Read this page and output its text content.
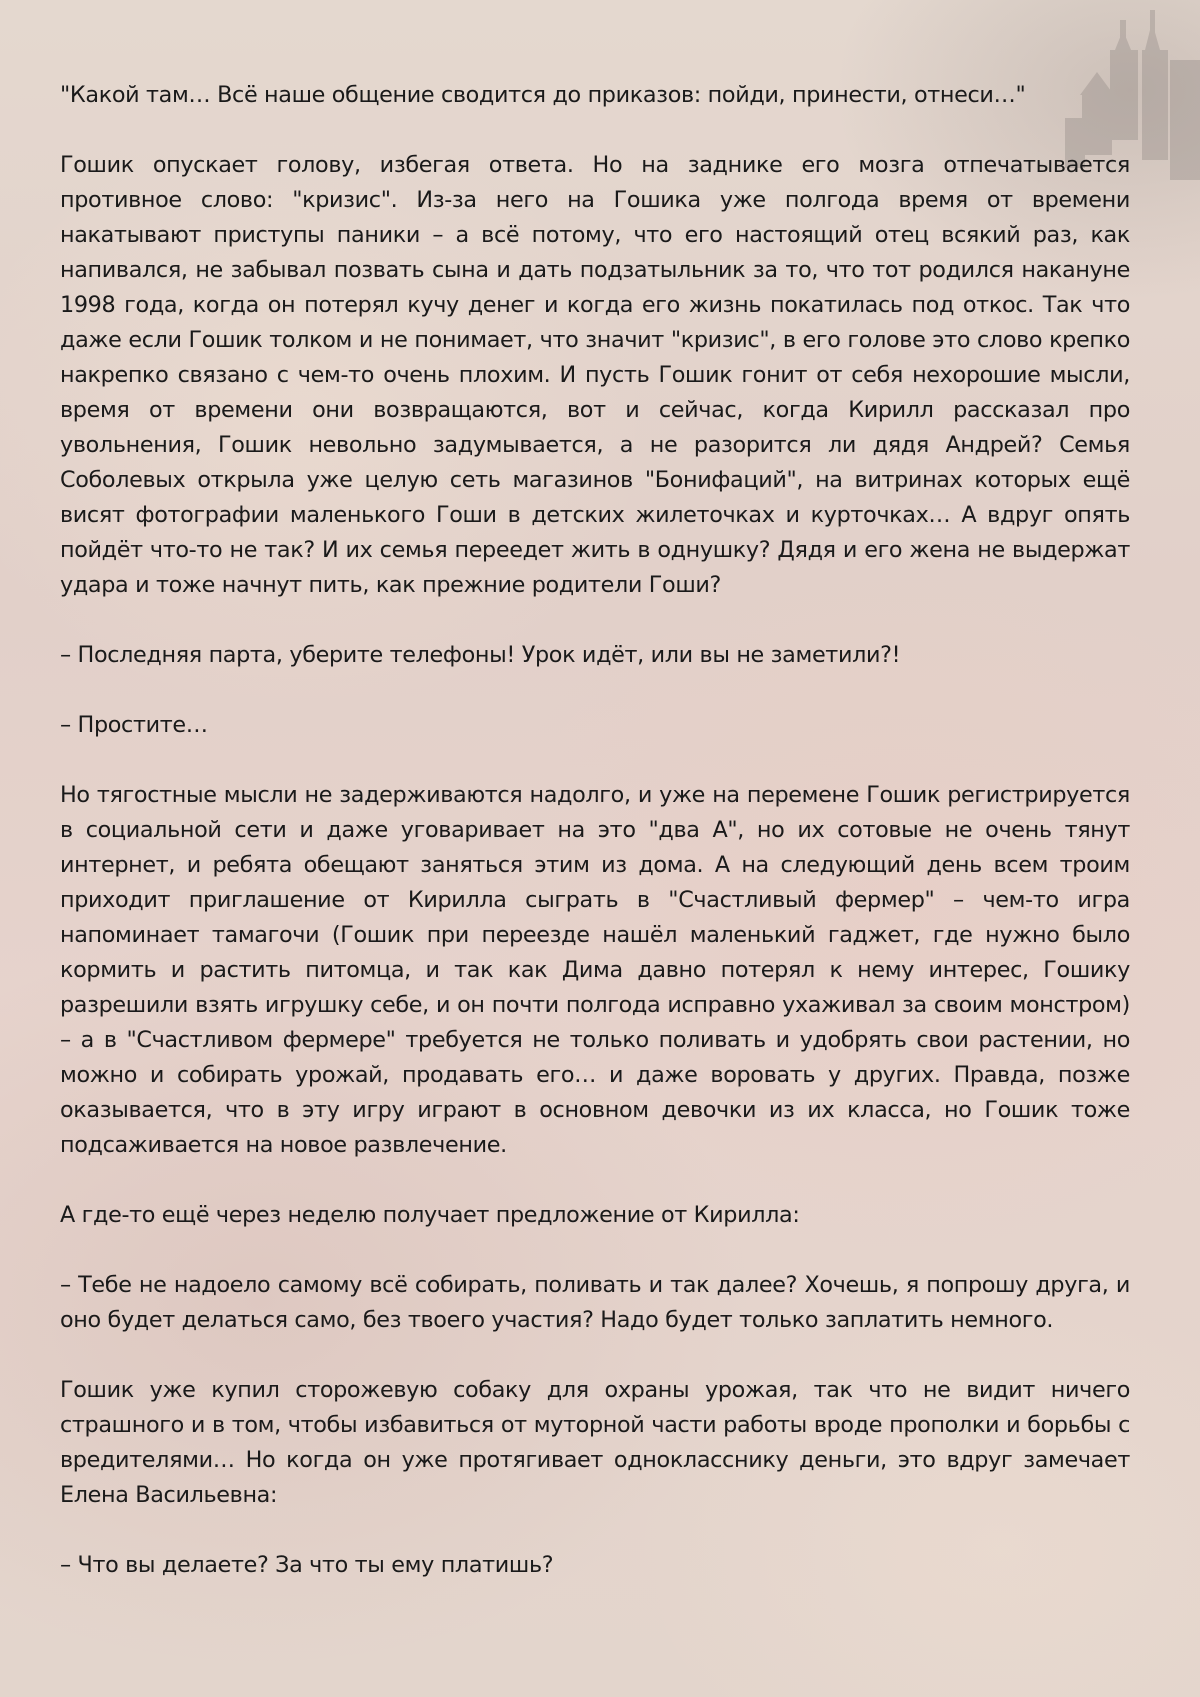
"Какой там… Всё наше общение сводится до приказов: пойди, принести, отнеси…"

Гошик опускает голову, избегая ответа. Но на заднике его мозга отпечатывается противное слово: "кризис". Из-за него на Гошика уже полгода время от времени накатывают приступы паники – а всё потому, что его настоящий отец всякий раз, как напивался, не забывал позвать сына и дать подзатыльник за то, что тот родился накануне 1998 года, когда он потерял кучу денег и когда его жизнь покатилась под откос. Так что даже если Гошик толком и не понимает, что значит "кризис", в его голове это слово крепко накрепко связано с чем-то очень плохим. И пусть Гошик гонит от себя нехорошие мысли, время от времени они возвращаются, вот и сейчас, когда Кирилл рассказал про увольнения, Гошик невольно задумывается, а не разорится ли дядя Андрей? Семья Соболевых открыла уже целую сеть магазинов "Бонифаций", на витринах которых ещё висят фотографии маленького Гоши в детских жилеточках и курточках… А вдруг опять пойдёт что-то не так? И их семья переедет жить в однушку? Дядя и его жена не выдержат удара и тоже начнут пить, как прежние родители Гоши?

– Последняя парта, уберите телефоны! Урок идёт, или вы не заметили?!

– Простите…

Но тягостные мысли не задерживаются надолго, и уже на перемене Гошик регистрируется в социальной сети и даже уговаривает на это "два А", но их сотовые не очень тянут интернет, и ребята обещают заняться этим из дома. А на следующий день всем троим приходит приглашение от Кирилла сыграть в "Счастливый фермер" – чем-то игра напоминает тамагочи (Гошик при переезде нашёл маленький гаджет, где нужно было кормить и растить питомца, и так как Дима давно потерял к нему интерес, Гошику разрешили взять игрушку себе, и он почти полгода исправно ухаживал за своим монстром) – а в "Счастливом фермере" требуется не только поливать и удобрять свои растении, но можно и собирать урожай, продавать его… и даже воровать у других. Правда, позже оказывается, что в эту игру играют в основном девочки из их класса, но Гошик тоже подсаживается на новое развлечение.

А где-то ещё через неделю получает предложение от Кирилла:

– Тебе не надоело самому всё собирать, поливать и так далее? Хочешь, я попрошу друга, и оно будет делаться само, без твоего участия? Надо будет только заплатить немного.

Гошик уже купил сторожевую собаку для охраны урожая, так что не видит ничего страшного и в том, чтобы избавиться от муторной части работы вроде прополки и борьбы с вредителями… Но когда он уже протягивает однокласснику деньги, это вдруг замечает Елена Васильевна:

– Что вы делаете? За что ты ему платишь?
